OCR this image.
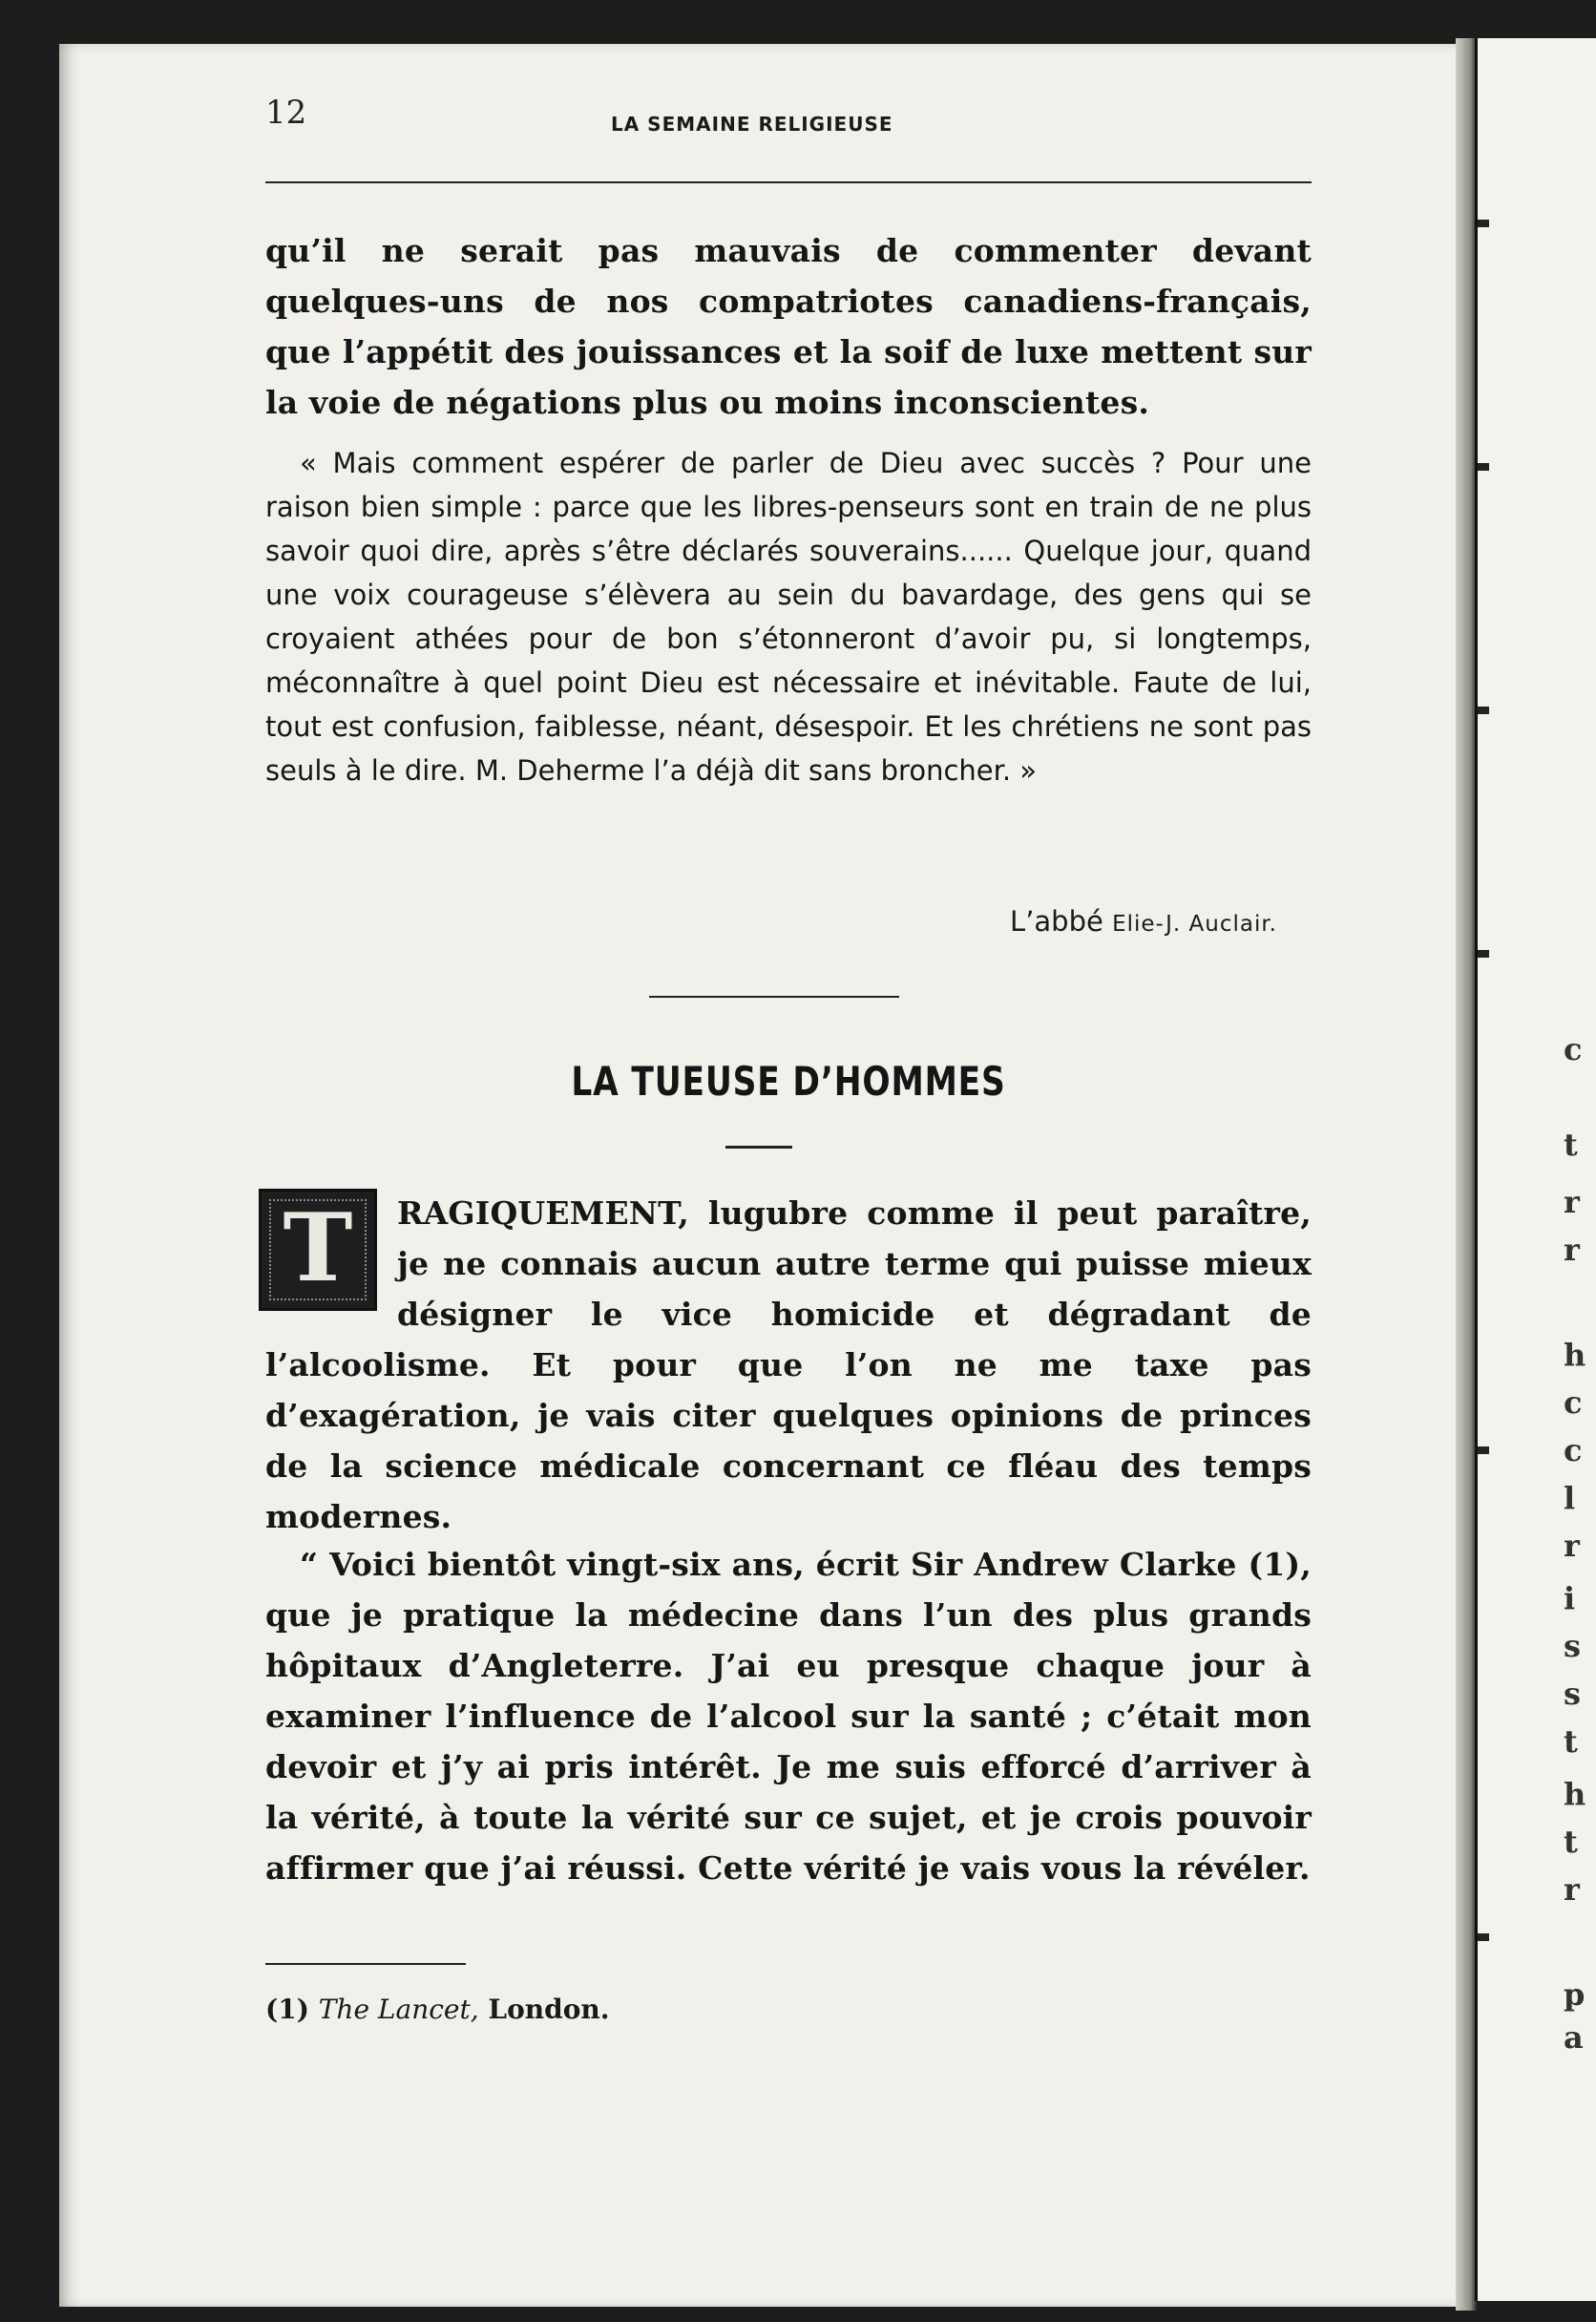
c
t
r
r
h
c
c
l
r
i
s
s
t
h
t
r
p
a
12	LA SEMAINE RELIGIEUSE
qu’il ne serait pas mauvais de commenter devant quelques-uns de nos compatriotes canadiens-français, que l’appétit des jouissances et la soif de luxe mettent sur la voie de négations plus ou moins inconscientes.
« Mais comment espérer de parler de Dieu avec succès ? Pour une raison bien simple : parce que les libres-penseurs sont en train de ne plus savoir quoi dire, après s’être déclarés souverains...... Quelque jour, quand une voix courageuse s’élèvera au sein du bavardage, des gens qui se croyaient athées pour de bon s’étonneront d’avoir pu, si longtemps, méconnaître à quel point Dieu est nécessaire et inévitable. Faute de lui, tout est confusion, faiblesse, néant, désespoir. Et les chrétiens ne sont pas seuls à le dire. M. Deherme l’a déjà dit sans broncher. »
L’abbé Elie-J. Auclair.
LA TUEUSE D’HOMMES
T	RAGIQUEMENT, lugubre comme il peut paraître, je ne connais aucun autre terme qui puisse mieux désigner le vice homicide et dégradant de l’alcoolisme. Et pour que l’on ne me taxe pas d’exagération, je vais citer quelques opinions de princes de la science médicale concernant ce fléau des temps modernes.
“ Voici bientôt vingt-six ans, écrit Sir Andrew Clarke (1), que je pratique la médecine dans l’un des plus grands hôpitaux d’Angleterre. J’ai eu presque chaque jour à examiner l’influence de l’alcool sur la santé ; c’était mon devoir et j’y ai pris intérêt. Je me suis efforcé d’arriver à la vérité, à toute la vérité sur ce sujet, et je crois pouvoir affirmer que j’ai réussi. Cette vérité je vais vous la révéler.
(1) The Lancet, London.
